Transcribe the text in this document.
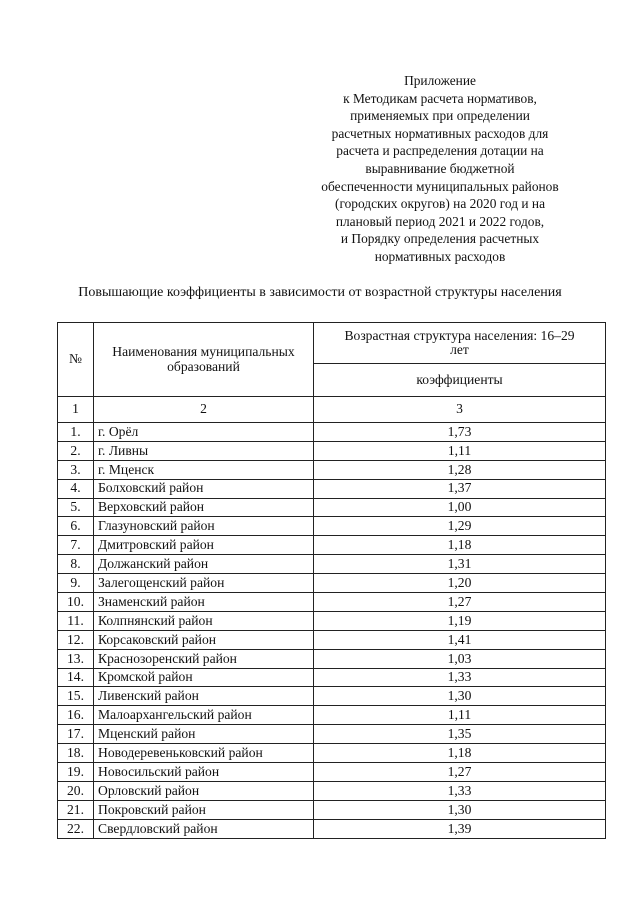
Приложение
к Методикам расчета нормативов,
применяемых при определении
расчетных нормативных расходов для
расчета и распределения дотации на
выравнивание бюджетной
обеспеченности муниципальных районов
(городских округов) на 2020 год и на
плановый период 2021 и 2022 годов,
и Порядку определения расчетных
нормативных расходов
Повышающие коэффициенты в зависимости от возрастной структуры населения
№	Наименования муниципальных образований	Возрастная структура населения: 16–29 лет
		коэффициенты
1	2	3
1.	г. Орёл	1,73
2.	г. Ливны	1,11
3.	г. Мценск	1,28
4.	Болховский район	1,37
5.	Верховский район	1,00
6.	Глазуновский район	1,29
7.	Дмитровский район	1,18
8.	Должанский район	1,31
9.	Залегощенский район	1,20
10.	Знаменский район	1,27
11.	Колпнянский район	1,19
12.	Корсаковский район	1,41
13.	Краснозоренский район	1,03
14.	Кромской район	1,33
15.	Ливенский район	1,30
16.	Малоархангельский район	1,11
17.	Мценский район	1,35
18.	Новодеревеньковский район	1,18
19.	Новосильский район	1,27
20.	Орловский район	1,33
21.	Покровский район	1,30
22.	Свердловский район	1,39
